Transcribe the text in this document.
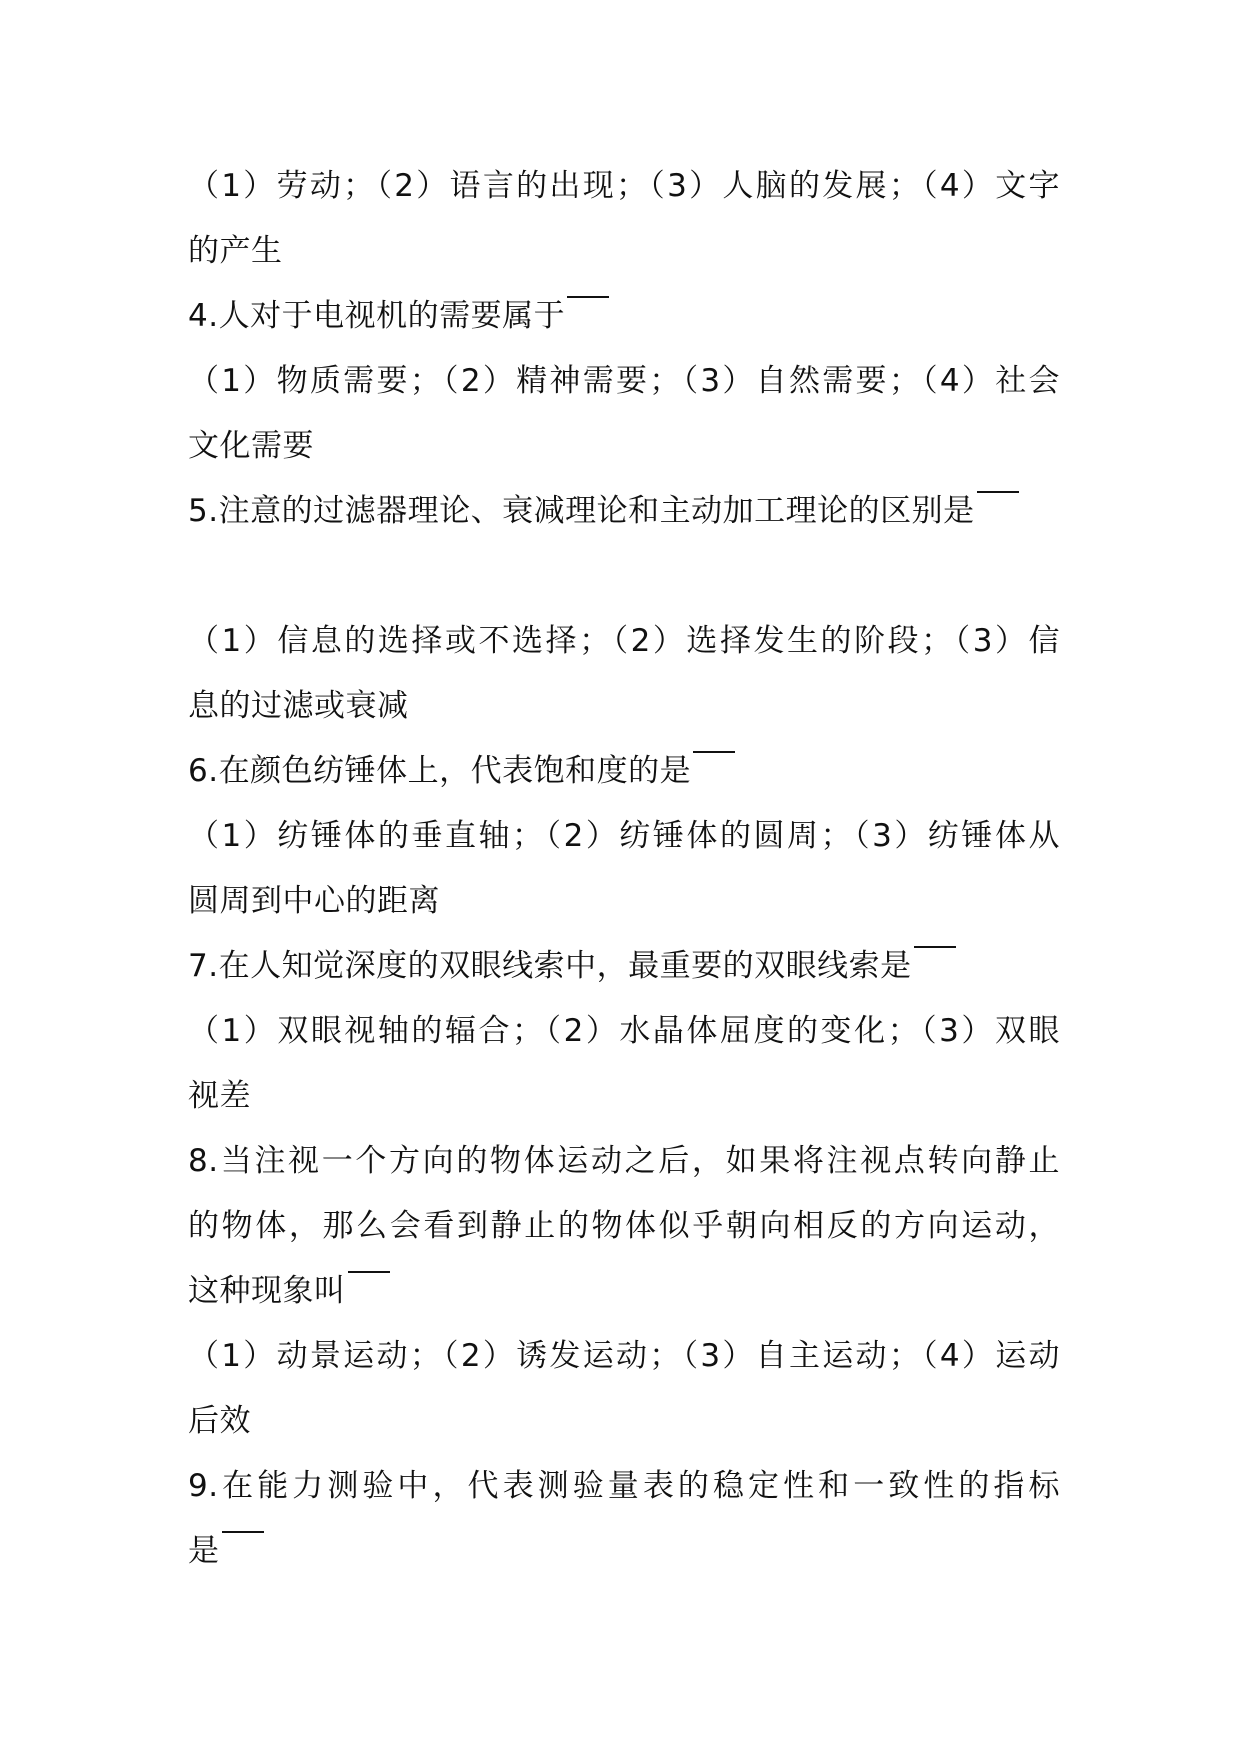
（1）劳动；（2）语言的出现；（3）人脑的发展；（4）文字
的产生
4.人对于电视机的需要属于
（1）物质需要；（2）精神需要；（3）自然需要；（4）社会
文化需要
5.注意的过滤器理论、衰减理论和主动加工理论的区别是
（1）信息的选择或不选择；（2）选择发生的阶段；（3）信
息的过滤或衰减
6.在颜色纺锤体上，代表饱和度的是
（1）纺锤体的垂直轴；（2）纺锤体的圆周；（3）纺锤体从
圆周到中心的距离
7.在人知觉深度的双眼线索中，最重要的双眼线索是
（1）双眼视轴的辐合；（2）水晶体屈度的变化；（3）双眼
视差
8.当注视一个方向的物体运动之后，如果将注视点转向静止
的物体，那么会看到静止的物体似乎朝向相反的方向运动，
这种现象叫
（1）动景运动；（2）诱发运动；（3）自主运动；（4）运动
后效
9.在能力测验中，代表测验量表的稳定性和一致性的指标
是
